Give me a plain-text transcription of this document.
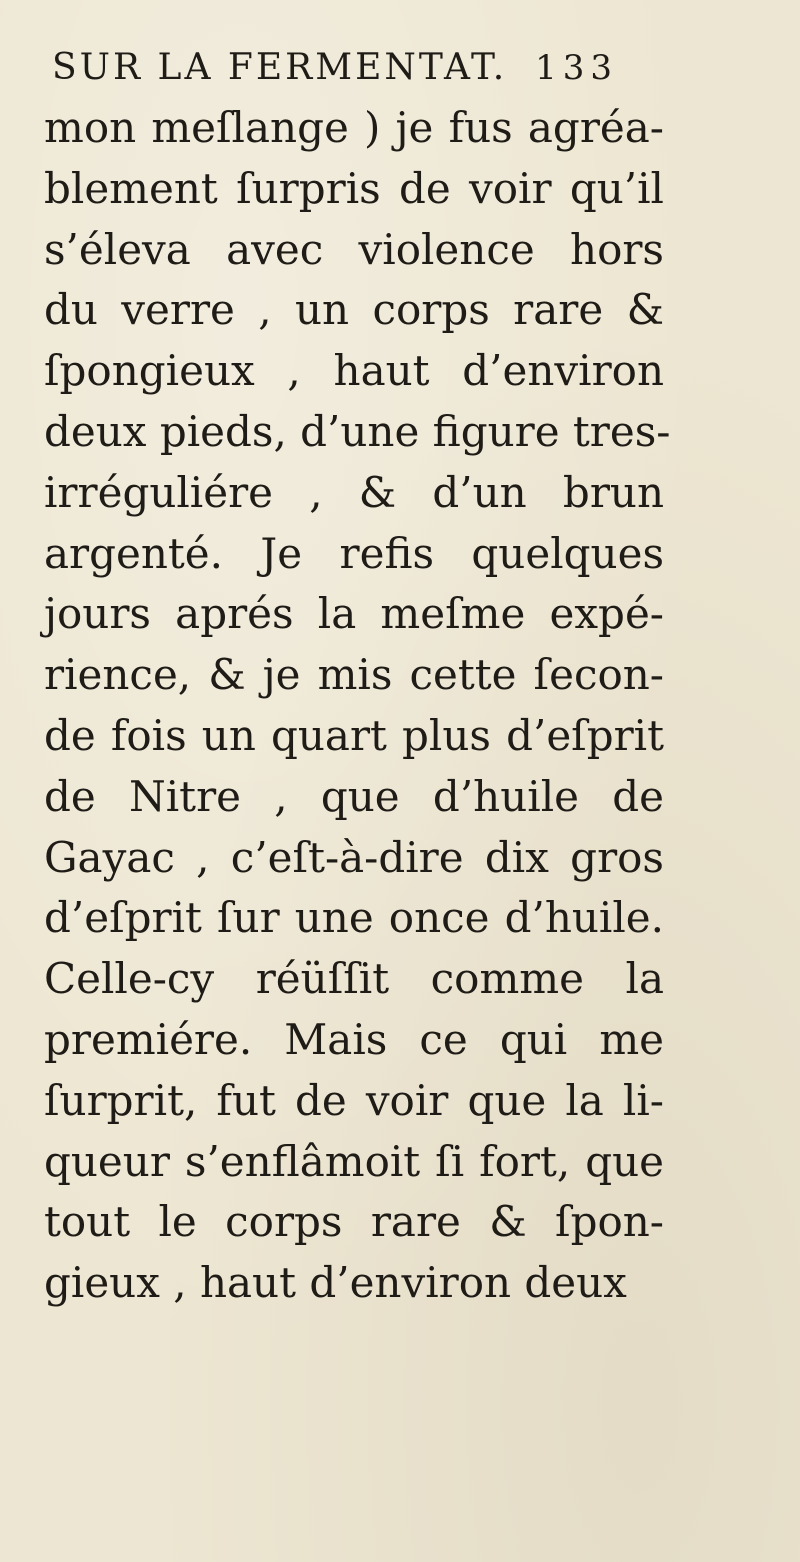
SUR LA FERMENTAT. 133
mon meſlange ) je fus agréa-
blement ſurpris de voir qu’il
s’éleva avec violence hors
du verre , un corps rare &
ſpongieux , haut d’environ
deux pieds, d’une figure tres-
irréguliére , & d’un brun
argenté. Je refis quelques
jours aprés la meſme expé-
rience, & je mis cette ſecon-
de fois un quart plus d’eſprit
de Nitre , que d’huile de
Gayac , c’eſt-à-dire dix gros
d’eſprit ſur une once d’huile.
Celle-cy réüſſit comme la
premiére. Mais ce qui me
ſurprit, fut de voir que la li-
queur s’enflâmoit ſi fort, que
tout le corps rare & ſpon-
gieux , haut d’environ deux
